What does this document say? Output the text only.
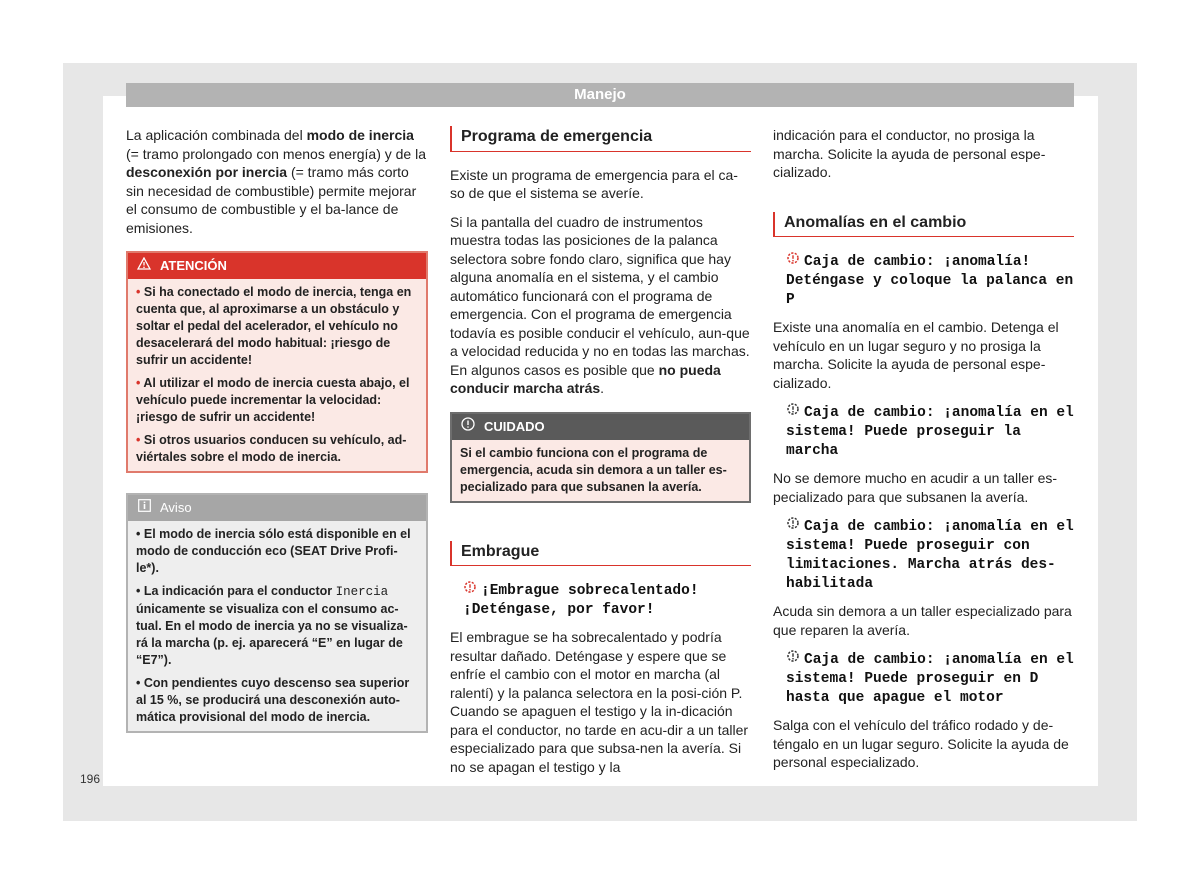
Manejo

La aplicación combinada del modo de inercia (= tramo prolongado con menos energía) y de la desconexión por inercia (= tramo más corto sin necesidad de combustible) permite mejorar el consumo de combustible y el ba-lance de emisiones.

ATENCIÓN
• Si ha conectado el modo de inercia, tenga en cuenta que, al aproximarse a un obstáculo y soltar el pedal del acelerador, el vehículo no desacelerará del modo habitual: ¡riesgo de sufrir un accidente!
• Al utilizar el modo de inercia cuesta abajo, el vehículo puede incrementar la velocidad: ¡riesgo de sufrir un accidente!
• Si otros usuarios conducen su vehículo, ad-viértales sobre el modo de inercia.
Aviso
• El modo de inercia sólo está disponible en el modo de conducción eco (SEAT Drive Profi-le*).
• La indicación para el conductor Inercia únicamente se visualiza con el consumo ac-tual. En el modo de inercia ya no se visualiza-rá la marcha (p. ej. aparecerá “E” en lugar de “E7”).
• Con pendientes cuyo descenso sea superior al 15 %, se producirá una desconexión auto-mática provisional del modo de inercia.
Programa de emergencia

Existe un programa de emergencia para el ca-so de que el sistema se averíe.

Si la pantalla del cuadro de instrumentos muestra todas las posiciones de la palanca selectora sobre fondo claro, significa que hay alguna anomalía en el sistema, y el cambio automático funcionará con el programa de emergencia. Con el programa de emergencia todavía es posible conducir el vehículo, aun-que a velocidad reducida y no en todas las marchas. En algunos casos es posible que no pueda conducir marcha atrás.

CUIDADO
Si el cambio funciona con el programa de emergencia, acuda sin demora a un taller es-pecializado para que subsanen la avería.
Embrague
¡Embrague sobrecalentado! ¡Deténgase, por favor!

El embrague se ha sobrecalentado y podría resultar dañado. Deténgase y espere que se enfríe el cambio con el motor en marcha (al ralentí) y la palanca selectora en la posi-ción P. Cuando se apaguen el testigo y la in-dicación para el conductor, no tarde en acu-dir a un taller especializado para que subsa-nen la avería. Si no se apagan el testigo y la

indicación para el conductor, no prosiga la marcha. Solicite la ayuda de personal espe-cializado.

Anomalías en el cambio
Caja de cambio: ¡anomalía! Deténgase y coloque la palanca en P

Existe una anomalía en el cambio. Detenga el vehículo en un lugar seguro y no prosiga la marcha. Solicite la ayuda de personal espe-cializado.

Caja de cambio: ¡anomalía en el sistema! Puede proseguir la marcha

No se demore mucho en acudir a un taller es-pecializado para que subsanen la avería.

Caja de cambio: ¡anomalía en el sistema! Puede proseguir con limitaciones. Marcha atrás des-habilitada

Acuda sin demora a un taller especializado para que reparen la avería.

Caja de cambio: ¡anomalía en el sistema! Puede proseguir en D hasta que apague el motor

Salga con el vehículo del tráfico rodado y de-téngalo en un lugar seguro. Solicite la ayuda de personal especializado.

196
